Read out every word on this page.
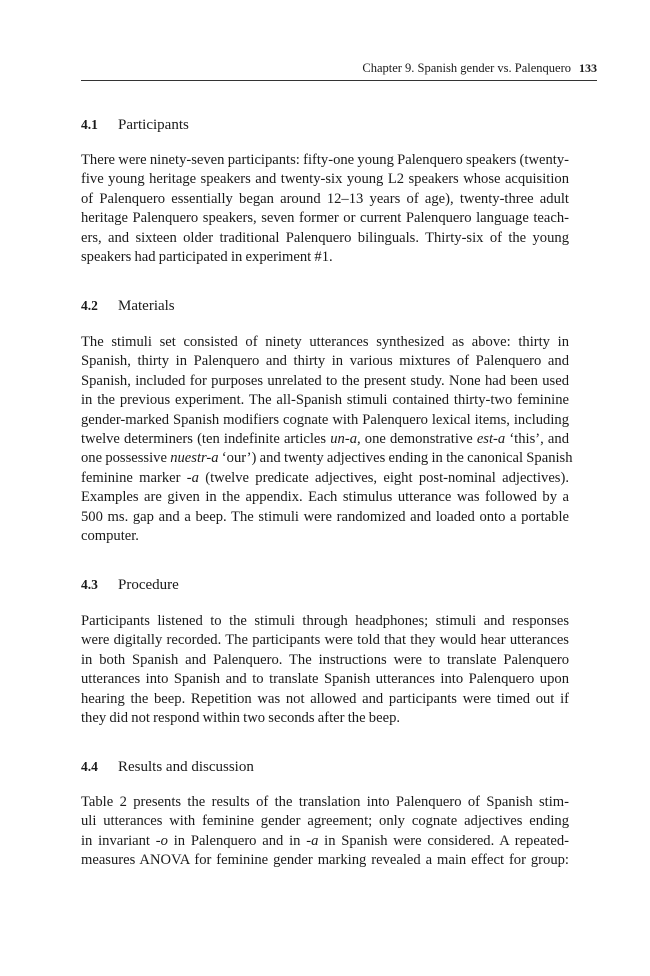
Chapter 9. Spanish gender vs. Palenquero 133
4.1 Participants
There were ninety-seven participants: fifty-one young Palenquero speakers (twenty-
five young heritage speakers and twenty-six young L2 speakers whose acquisition
of Palenquero essentially began around 12–13 years of age), twenty-three adult
heritage Palenquero speakers, seven former or current Palenquero language teach-
ers, and sixteen older traditional Palenquero bilinguals. Thirty-six of the young
speakers had participated in experiment #1.
4.2 Materials
The stimuli set consisted of ninety utterances synthesized as above: thirty in
Spanish, thirty in Palenquero and thirty in various mixtures of Palenquero and
Spanish, included for purposes unrelated to the present study. None had been used
in the previous experiment. The all-Spanish stimuli contained thirty-two feminine
gender-marked Spanish modifiers cognate with Palenquero lexical items, including
twelve determiners (ten indefinite articles un-a, one demonstrative est-a ‘this’, and
one possessive nuestr-a ‘our’) and twenty adjectives ending in the canonical Spanish
feminine marker -a (twelve predicate adjectives, eight post-nominal adjectives).
Examples are given in the appendix. Each stimulus utterance was followed by a
500 ms. gap and a beep. The stimuli were randomized and loaded onto a portable
computer.
4.3 Procedure
Participants listened to the stimuli through headphones; stimuli and responses
were digitally recorded. The participants were told that they would hear utterances
in both Spanish and Palenquero. The instructions were to translate Palenquero
utterances into Spanish and to translate Spanish utterances into Palenquero upon
hearing the beep. Repetition was not allowed and participants were timed out if
they did not respond within two seconds after the beep.
4.4 Results and discussion
Table 2 presents the results of the translation into Palenquero of Spanish stim-
uli utterances with feminine gender agreement; only cognate adjectives ending
in invariant -o in Palenquero and in -a in Spanish were considered. A repeated-
measures ANOVA for feminine gender marking revealed a main effect for group:
